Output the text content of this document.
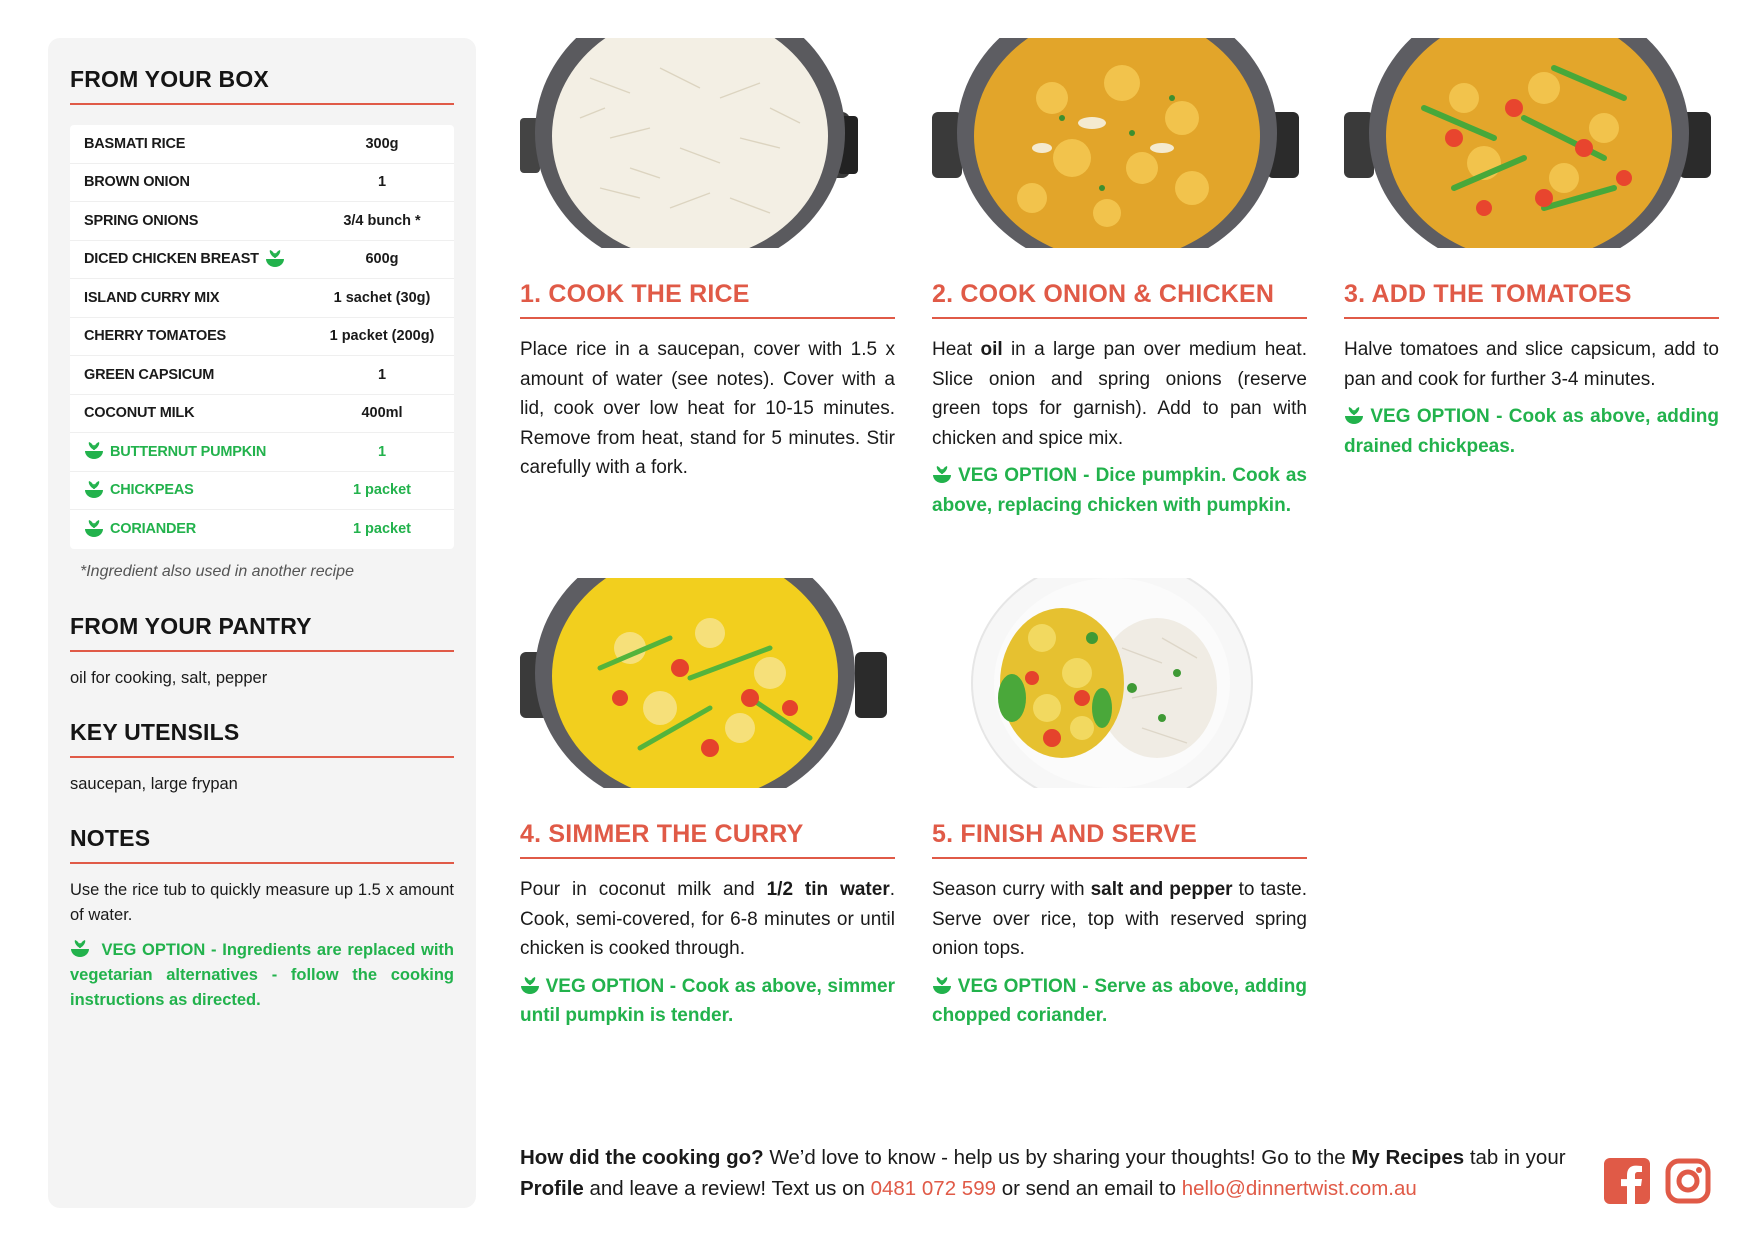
FROM YOUR BOX
BASMATI RICE	300g
BROWN ONION	1
SPRING ONIONS	3/4 bunch *
DICED CHICKEN BREAST	600g
ISLAND CURRY MIX	1 sachet (30g)
CHERRY TOMATOES	1 packet (200g)
GREEN CAPSICUM	1
COCONUT MILK	400ml
BUTTERNUT PUMPKIN	1
CHICKPEAS	1 packet
CORIANDER	1 packet
*Ingredient also used in another recipe
FROM YOUR PANTRY
oil for cooking, salt, pepper
KEY UTENSILS
saucepan, large frypan
NOTES
Use the rice tub to quickly measure up 1.5 x amount of water.
VEG OPTION - Ingredients are replaced with vegetarian alternatives - follow the cooking instructions as directed.
1. COOK THE RICE
Place rice in a saucepan, cover with 1.5 x amount of water (see notes). Cover with a lid, cook over low heat for 10-15 minutes. Remove from heat, stand for 5 minutes. Stir carefully with a fork.
2. COOK ONION & CHICKEN
Heat oil in a large pan over medium heat. Slice onion and spring onions (reserve green tops for garnish). Add to pan with chicken and spice mix.
VEG OPTION - Dice pumpkin. Cook as above, replacing chicken with pumpkin.
3. ADD THE TOMATOES
Halve tomatoes and slice capsicum, add to pan and cook for further 3-4 minutes.
VEG OPTION - Cook as above, adding drained chickpeas.
4. SIMMER THE CURRY
Pour in coconut milk and 1/2 tin water. Cook, semi-covered, for 6-8 minutes or until chicken is cooked through.
VEG OPTION - Cook as above, simmer until pumpkin is tender.
5. FINISH AND SERVE
Season curry with salt and pepper to taste. Serve over rice, top with reserved spring onion tops.
VEG OPTION - Serve as above, adding chopped coriander.
How did the cooking go? We’d love to know - help us by sharing your thoughts! Go to the My Recipes tab in your Profile and leave a review! Text us on 0481 072 599 or send an email to hello@dinnertwist.com.au
